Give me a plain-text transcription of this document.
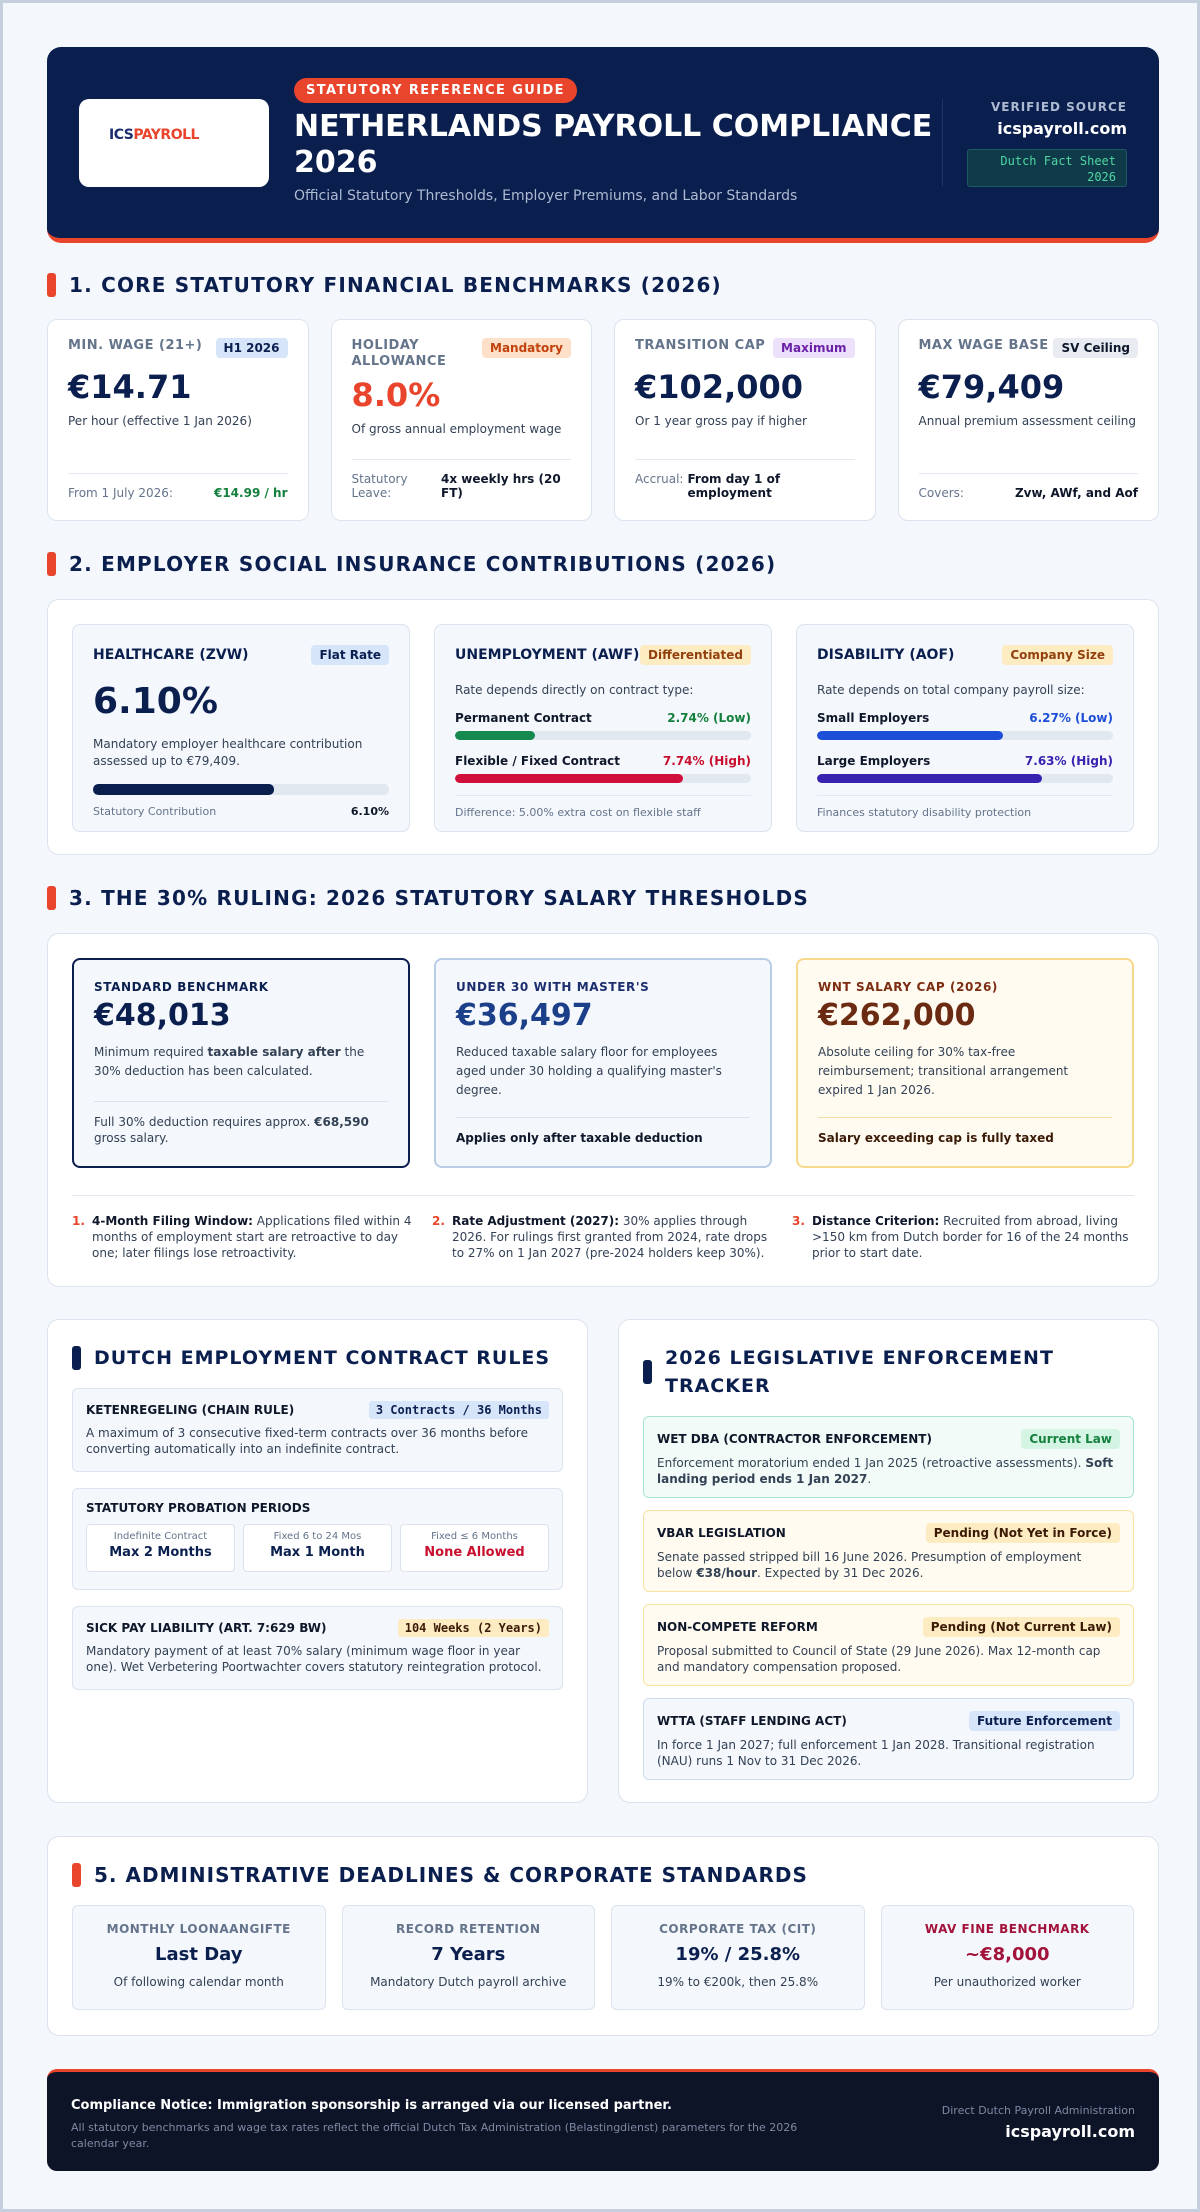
ICSPAYROLL
STATUTORY REFERENCE GUIDE
NETHERLANDS PAYROLL COMPLIANCE 2026
Official Statutory Thresholds, Employer Premiums, and Labor Standards
VERIFIED SOURCE
icspayroll.com
Dutch Fact Sheet
2026
1. CORE STATUTORY FINANCIAL BENCHMARKS (2026)
MIN. WAGE (21+)	H1 2026
€14.71
Per hour (effective 1 Jan 2026)
From 1 July 2026:	€14.99 / hr
HOLIDAY ALLOWANCE
Mandatory
8.0%
Of gross annual employment wage
Statutory Leave:
4x weekly hrs (20 FT)
TRANSITION CAP	Maximum
€102,000
Or 1 year gross pay if higher
Accrual: From day 1 of employment
MAX WAGE BASE	SV Ceiling
€79,409
Annual premium assessment ceiling
Covers:	Zvw, AWf, and Aof
2. EMPLOYER SOCIAL INSURANCE CONTRIBUTIONS (2026)
HEALTHCARE (ZVW)	Flat Rate
6.10%
Mandatory employer healthcare contribution assessed up to €79,409.
Statutory Contribution	6.10%
UNEMPLOYMENT (AWF) Differentiated
Rate depends directly on contract type:
Permanent Contract	2.74% (Low)
Flexible / Fixed Contract	7.74% (High)
Difference: 5.00% extra cost on flexible staff
DISABILITY (AOF)	Company Size
Rate depends on total company payroll size:
Small Employers	6.27% (Low)
Large Employers	7.63% (High)
Finances statutory disability protection
3. THE 30% RULING: 2026 STATUTORY SALARY THRESHOLDS
STANDARD BENCHMARK
€48,013
Minimum required taxable salary after the 30% deduction has been calculated.
Full 30% deduction requires approx. €68,590 gross salary.
UNDER 30 WITH MASTER'S
€36,497
Reduced taxable salary floor for employees aged under 30 holding a qualifying master's degree.
Applies only after taxable deduction
WNT SALARY CAP (2026)
€262,000
Absolute ceiling for 30% tax-free reimbursement; transitional arrangement expired 1 Jan 2026.
Salary exceeding cap is fully taxed
1. 4-Month Filing Window: Applications filed within 4 months of employment start are retroactive to day one; later filings lose retroactivity.
2. Rate Adjustment (2027): 30% applies through 2026. For rulings first granted from 2024, rate drops to 27% on 1 Jan 2027 (pre-2024 holders keep 30%).
3. Distance Criterion: Recruited from abroad, living >150 km from Dutch border for 16 of the 24 months prior to start date.
DUTCH EMPLOYMENT CONTRACT RULES
KETENREGELING (CHAIN RULE)	3 Contracts / 36 Months
A maximum of 3 consecutive fixed-term contracts over 36 months before converting automatically into an indefinite contract.
STATUTORY PROBATION PERIODS
Indefinite Contract
Max 2 Months
Fixed 6 to 24 Mos
Max 1 Month
Fixed ≤ 6 Months
None Allowed
SICK PAY LIABILITY (ART. 7:629 BW)	104 Weeks (2 Years)
Mandatory payment of at least 70% salary (minimum wage floor in year one). Wet Verbetering Poortwachter covers statutory reintegration protocol.
2026 LEGISLATIVE ENFORCEMENT TRACKER
WET DBA (CONTRACTOR ENFORCEMENT)	Current Law
Enforcement moratorium ended 1 Jan 2025 (retroactive assessments). Soft landing period ends 1 Jan 2027.
VBAR LEGISLATION	Pending (Not Yet in Force)
Senate passed stripped bill 16 June 2026. Presumption of employment below €38/hour. Expected by 31 Dec 2026.
NON-COMPETE REFORM	Pending (Not Current Law)
Proposal submitted to Council of State (29 June 2026). Max 12-month cap and mandatory compensation proposed.
WTTA (STAFF LENDING ACT)	Future Enforcement
In force 1 Jan 2027; full enforcement 1 Jan 2028. Transitional registration (NAU) runs 1 Nov to 31 Dec 2026.
5. ADMINISTRATIVE DEADLINES & CORPORATE STANDARDS
MONTHLY LOONAANGIFTE
Last Day
Of following calendar month
RECORD RETENTION
7 Years
Mandatory Dutch payroll archive
CORPORATE TAX (CIT)
19% / 25.8%
19% to €200k, then 25.8%
WAV FINE BENCHMARK
~€8,000
Per unauthorized worker
Compliance Notice: Immigration sponsorship is arranged via our licensed partner.
All statutory benchmarks and wage tax rates reflect the official Dutch Tax Administration (Belastingdienst) parameters for the 2026 calendar year.
Direct Dutch Payroll Administration
icspayroll.com
